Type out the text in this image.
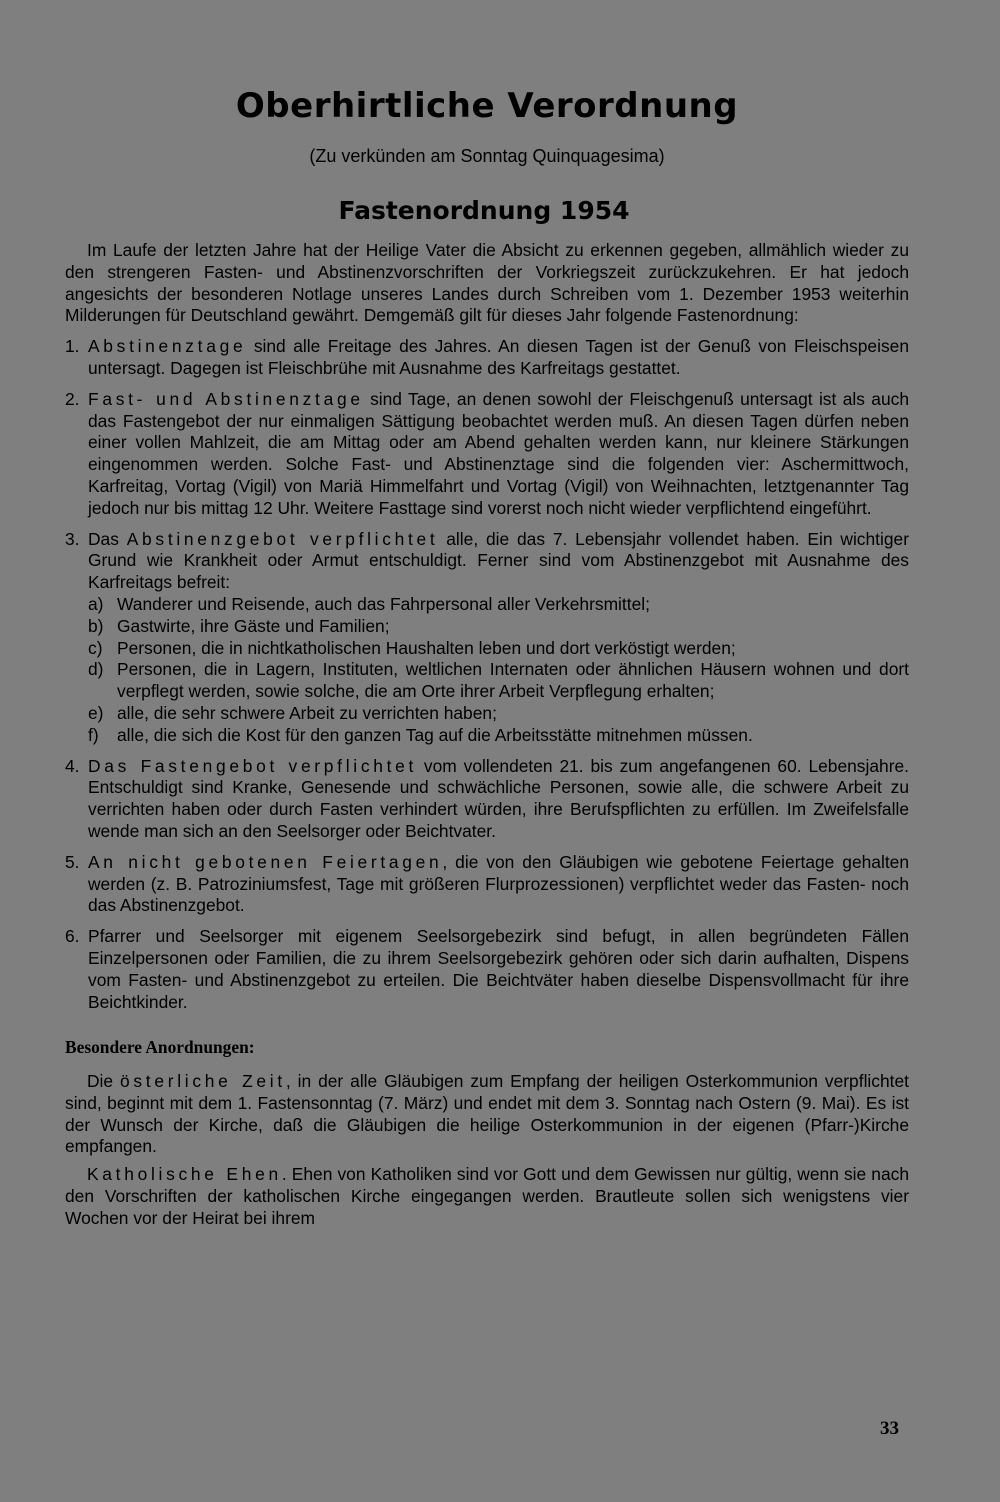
Oberhirtliche Verordnung
(Zu verkünden am Sonntag Quinquagesima)
Fastenordnung 1954

Im Laufe der letzten Jahre hat der Heilige Vater die Absicht zu erkennen gegeben, allmählich wieder zu den strengeren Fasten- und Abstinenzvorschriften der Vorkriegszeit zurückzukehren. Er hat jedoch angesichts der besonderen Notlage unseres Landes durch Schreiben vom 1. Dezember 1953 weiterhin Milderungen für Deutschland gewährt. Demgemäß gilt für dieses Jahr folgende Fastenordnung:

1. Abstinenztage sind alle Freitage des Jahres. An diesen Tagen ist der Genuß von Fleischspeisen untersagt. Dagegen ist Fleischbrühe mit Ausnahme des Karfreitags gestattet.
2. Fast- und Abstinenztage sind Tage, an denen sowohl der Fleischgenuß untersagt ist als auch das Fastengebot der nur einmaligen Sättigung beobachtet werden muß. An diesen Tagen dürfen neben einer vollen Mahlzeit, die am Mittag oder am Abend gehalten werden kann, nur kleinere Stärkungen eingenommen werden. Solche Fast- und Abstinenztage sind die folgenden vier: Aschermittwoch, Karfreitag, Vortag (Vigil) von Mariä Himmelfahrt und Vortag (Vigil) von Weihnachten, letztgenannter Tag jedoch nur bis mittag 12 Uhr. Weitere Fasttage sind vorerst noch nicht wieder verpflichtend eingeführt.
3. Das Abstinenzgebot verpflichtet alle, die das 7. Lebensjahr vollendet haben. Ein wichtiger Grund wie Krankheit oder Armut entschuldigt. Ferner sind vom Abstinenzgebot mit Ausnahme des Karfreitags befreit:
a) Wanderer und Reisende, auch das Fahrpersonal aller Verkehrsmittel;
b) Gastwirte, ihre Gäste und Familien;
c) Personen, die in nichtkatholischen Haushalten leben und dort verköstigt werden;
d) Personen, die in Lagern, Instituten, weltlichen Internaten oder ähnlichen Häusern wohnen und dort verpflegt werden, sowie solche, die am Orte ihrer Arbeit Verpflegung erhalten;
e) alle, die sehr schwere Arbeit zu verrichten haben;
f) alle, die sich die Kost für den ganzen Tag auf die Arbeitsstätte mitnehmen müssen.
4. Das Fastengebot verpflichtet vom vollendeten 21. bis zum angefangenen 60. Lebensjahre. Entschuldigt sind Kranke, Genesende und schwächliche Personen, sowie alle, die schwere Arbeit zu verrichten haben oder durch Fasten verhindert würden, ihre Berufspflichten zu erfüllen. Im Zweifelsfalle wende man sich an den Seelsorger oder Beichtvater.
5. An nicht gebotenen Feiertagen, die von den Gläubigen wie gebotene Feiertage gehalten werden (z. B. Patroziniumsfest, Tage mit größeren Flurprozessionen) verpflichtet weder das Fasten- noch das Abstinenzgebot.
6. Pfarrer und Seelsorger mit eigenem Seelsorgebezirk sind befugt, in allen begründeten Fällen Einzelpersonen oder Familien, die zu ihrem Seelsorgebezirk gehören oder sich darin aufhalten, Dispens vom Fasten- und Abstinenzgebot zu erteilen. Die Beichtväter haben dieselbe Dispensvollmacht für ihre Beichtkinder.
Besondere Anordnungen:

Die österliche Zeit, in der alle Gläubigen zum Empfang der heiligen Osterkommunion verpflichtet sind, beginnt mit dem 1. Fastensonntag (7. März) und endet mit dem 3. Sonntag nach Ostern (9. Mai). Es ist der Wunsch der Kirche, daß die Gläubigen die heilige Osterkommunion in der eigenen (Pfarr-)Kirche empfangen.

Katholische Ehen. Ehen von Katholiken sind vor Gott und dem Gewissen nur gültig, wenn sie nach den Vorschriften der katholischen Kirche eingegangen werden. Brautleute sollen sich wenigstens vier Wochen vor der Heirat bei ihrem

33
